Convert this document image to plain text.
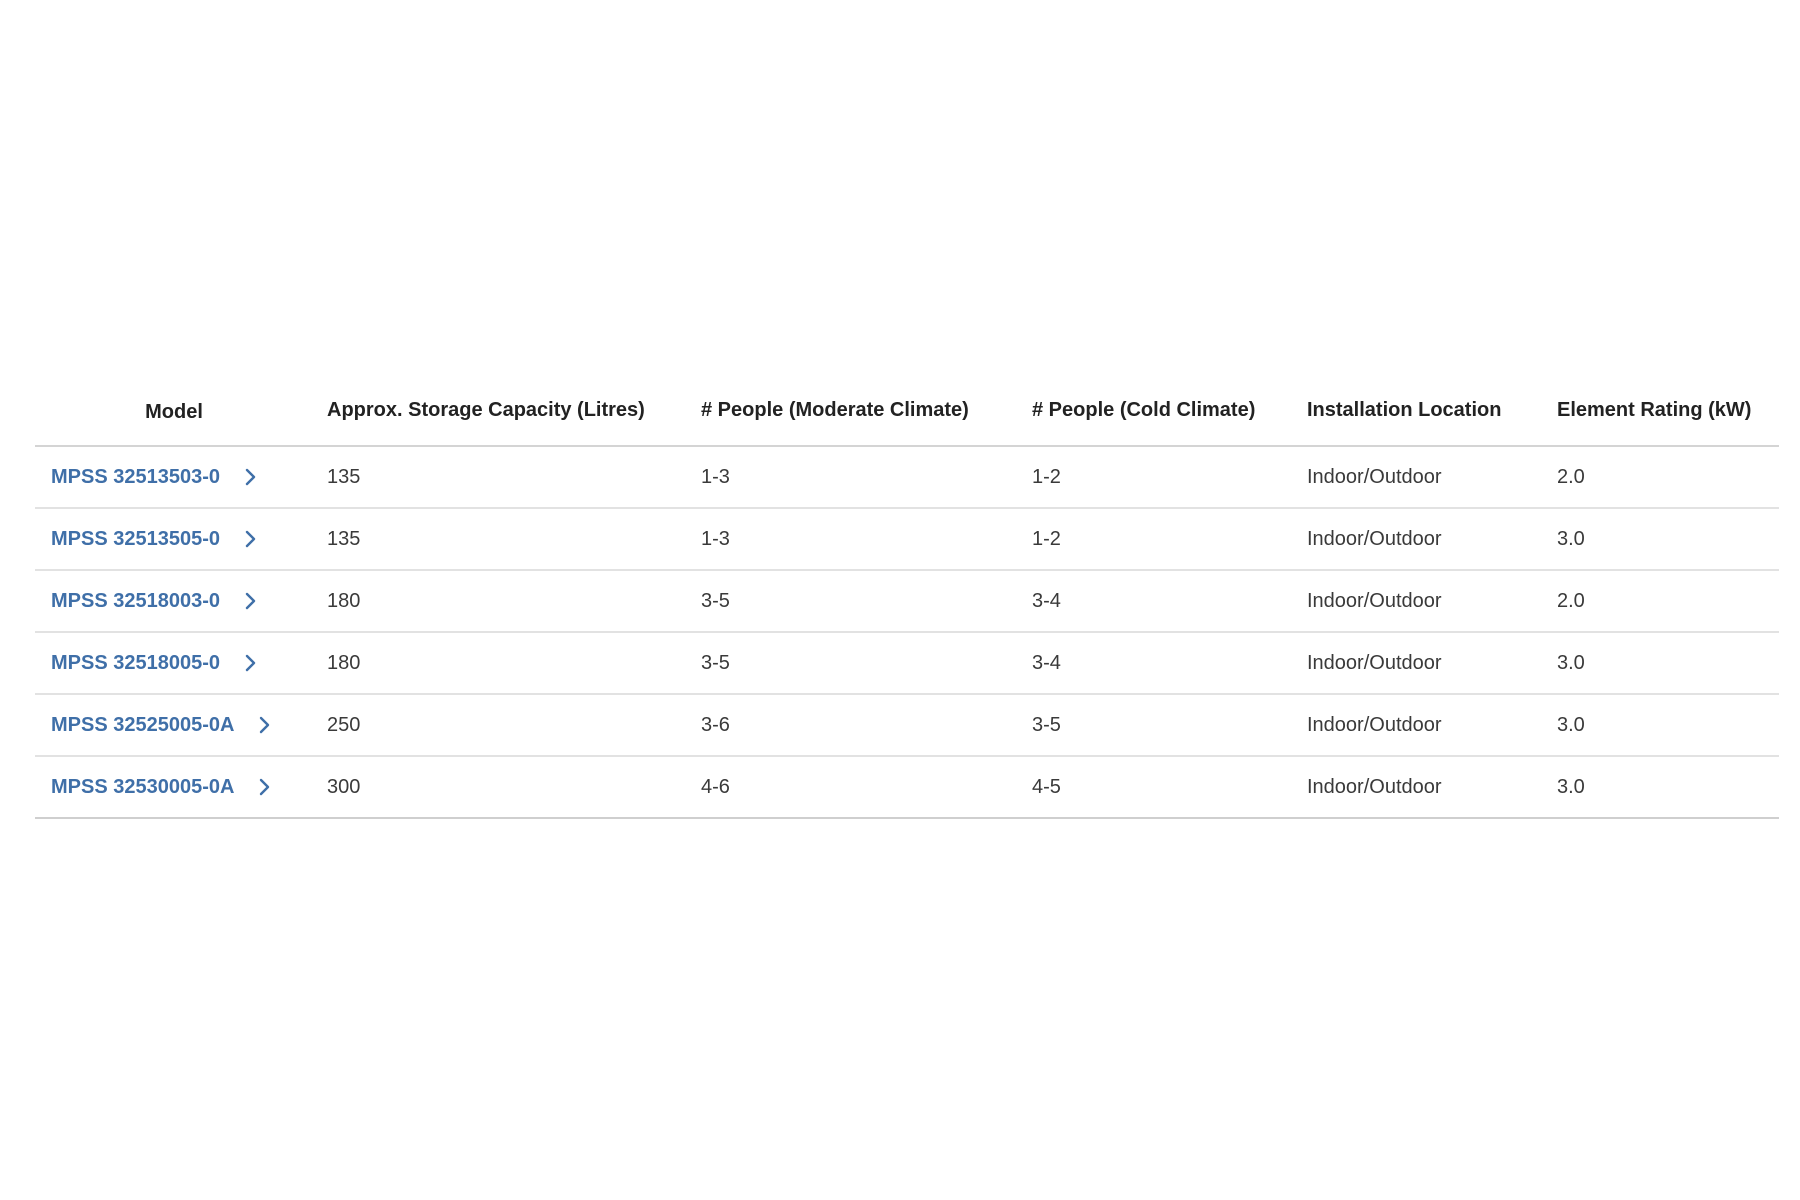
Model	Approx. Storage Capacity (Litres)	# People (Moderate Climate)	# People (Cold Climate)	Installation Location	Element Rating (kW)

MPSS 32513503-0	135	1-3	1-2	Indoor/Outdoor	2.0

MPSS 32513505-0	135	1-3	1-2	Indoor/Outdoor	3.0

MPSS 32518003-0	180	3-5	3-4	Indoor/Outdoor	2.0

MPSS 32518005-0	180	3-5	3-4	Indoor/Outdoor	3.0

MPSS 32525005-0A	250	3-6	3-5	Indoor/Outdoor	3.0

MPSS 32530005-0A	300	4-6	4-5	Indoor/Outdoor	3.0
